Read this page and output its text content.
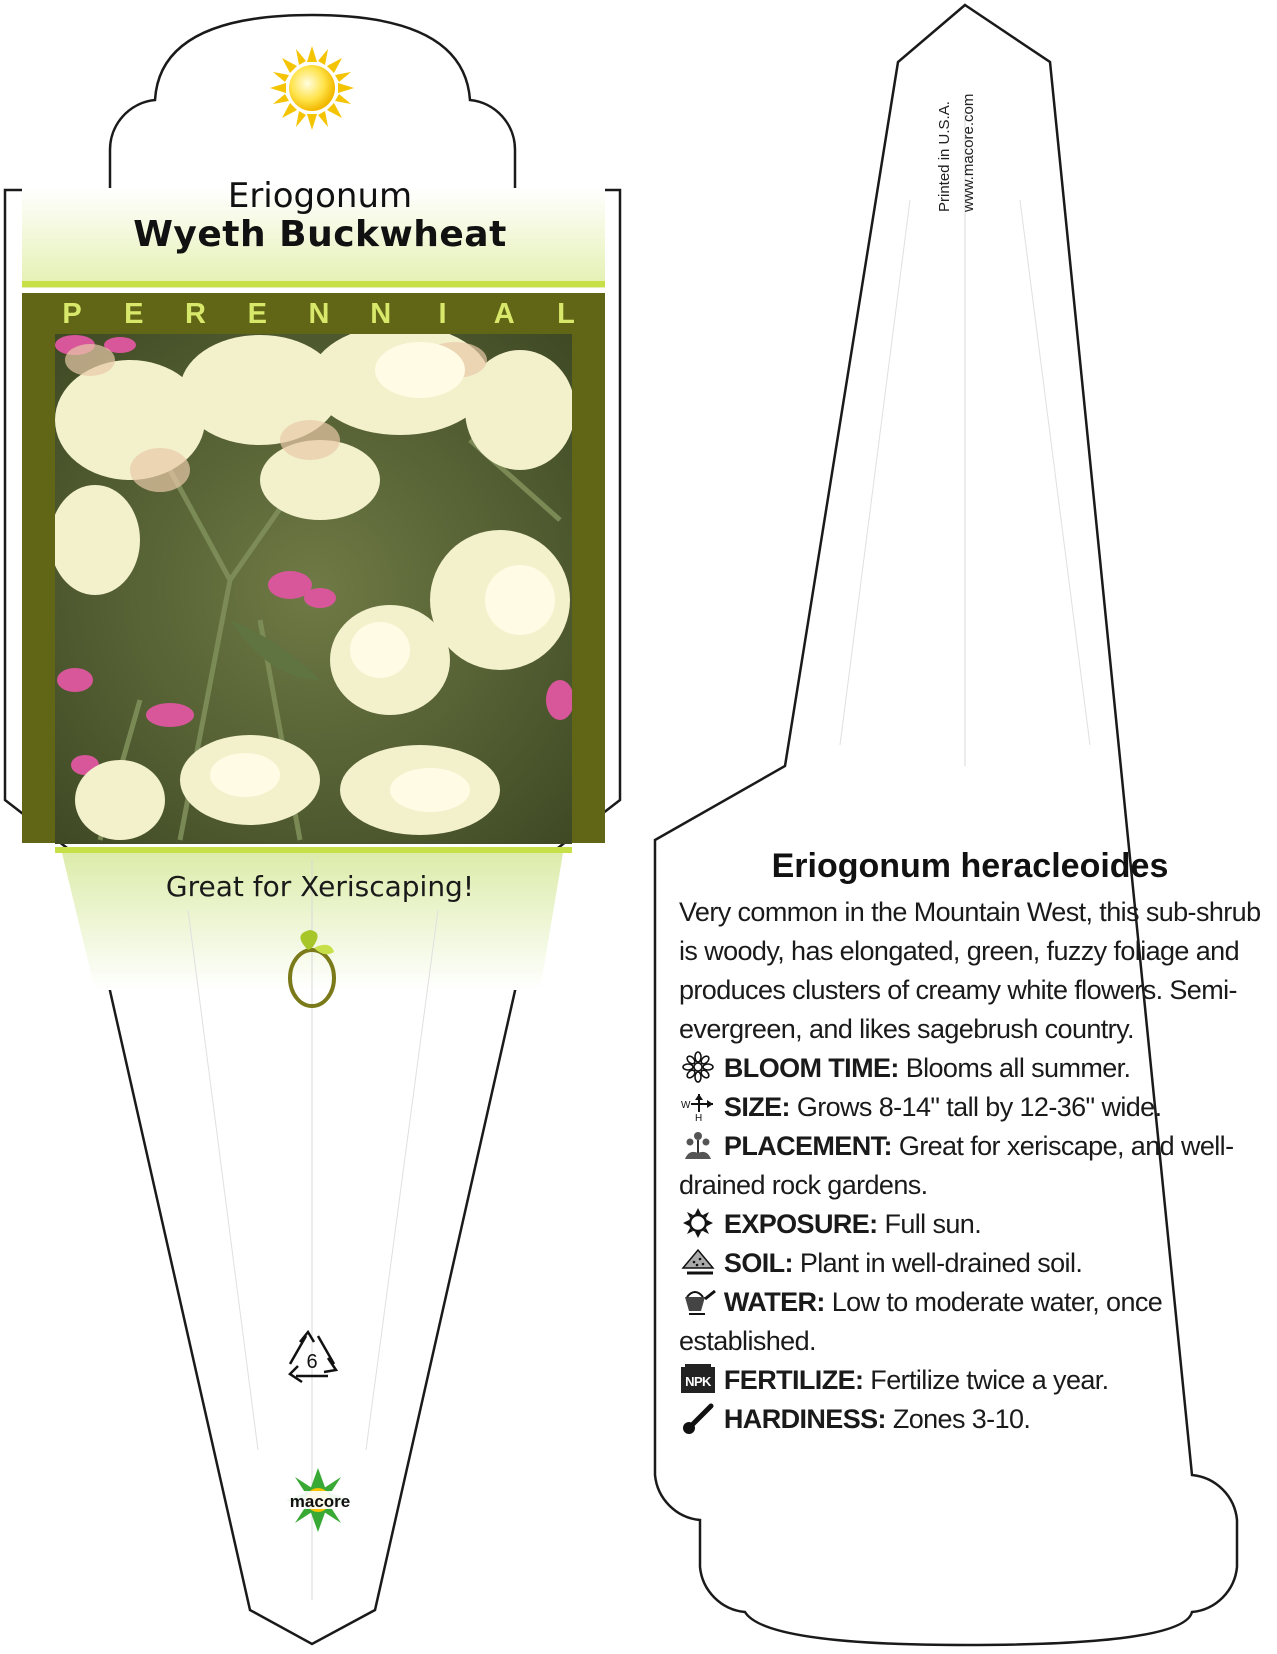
Eriogonum
Wyeth Buckwheat
P E R E N N I A L
Great for Xeriscaping!
6
macore
Printed in U.S.A. www.macore.com
Eriogonum heracleoides

Very common in the Mountain West, this sub-shrub is woody, has elongated, green, fuzzy foliage and produces clusters of creamy white flowers. Semi-evergreen, and likes sagebrush country.

BLOOM TIME: Blooms all summer.

W
H SIZE: Grows 8-14" tall by 12-36" wide.

PLACEMENT: Great for xeriscape, and well-drained rock gardens.

EXPOSURE: Full sun.

SOIL: Plant in well-drained soil.

WATER: Low to moderate water, once established.

NPK FERTILIZE: Fertilize twice a year.

HARDINESS: Zones 3-10.
